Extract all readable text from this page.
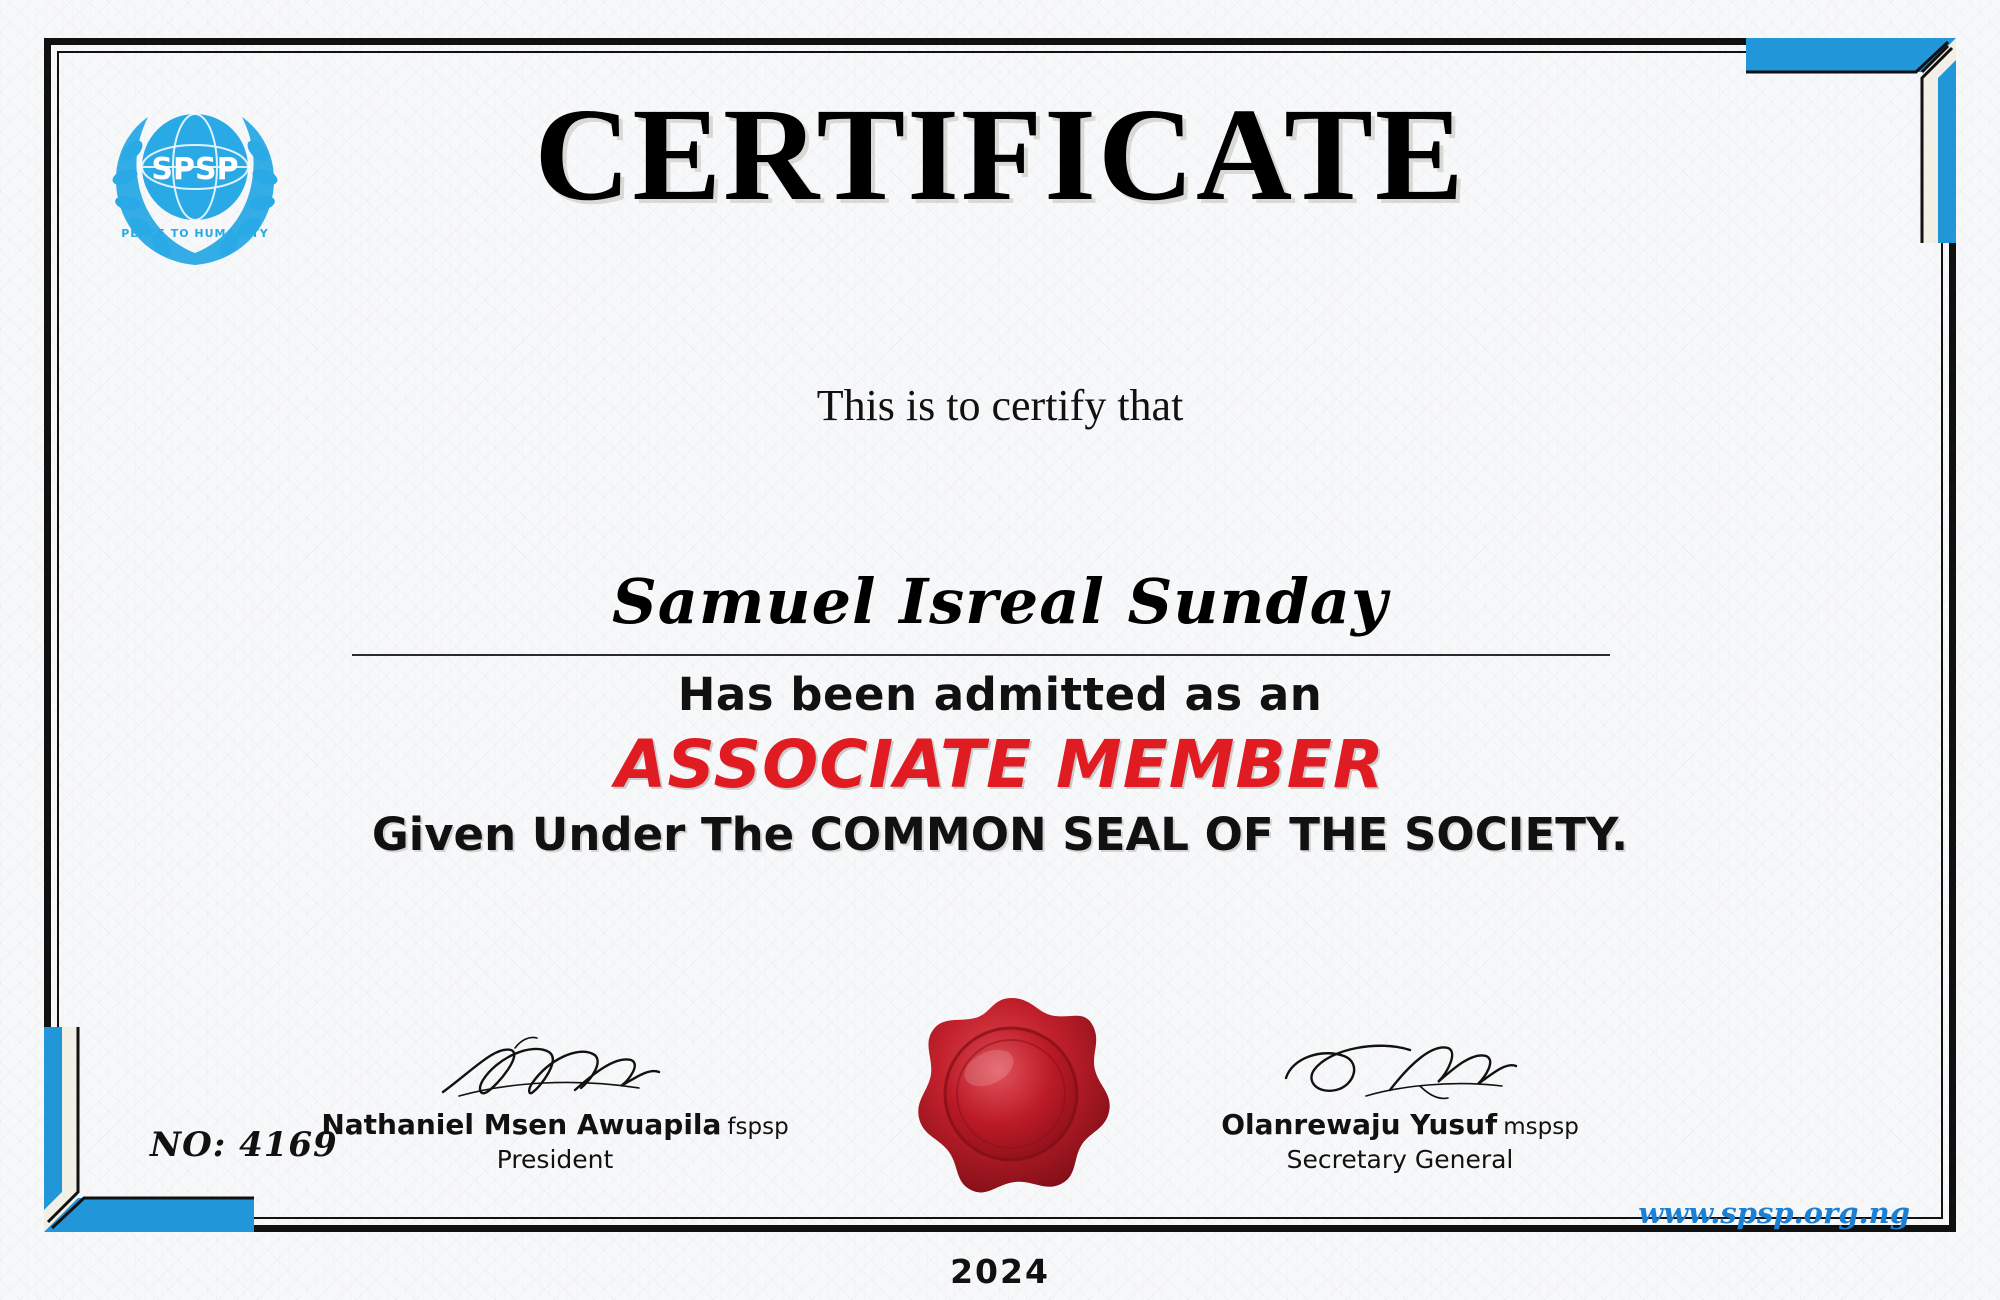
SPSP
PEACE TO HUMANITY
CERTIFICATE
This is to certify that
Samuel Isreal Sunday
Has been admitted as an
ASSOCIATE MEMBER
Given Under The COMMON SEAL OF THE SOCIETY.
Nathaniel Msen Awuapila fspsp
President
Olanrewaju Yusuf mspsp
Secretary General
NO: 4169
www.spsp.org.ng
2024
